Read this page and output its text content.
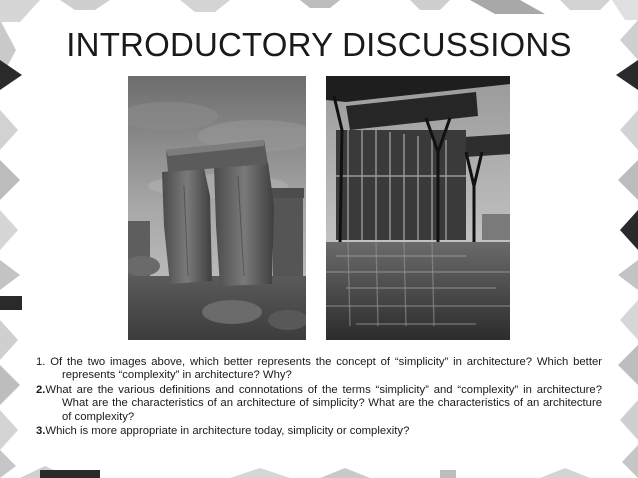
INTRODUCTORY DISCUSSIONS

1. Of the two images above, which better represents the concept of “simplicity” in architecture? Which better represents “complexity” in architecture? Why?

2.What are the various definitions and connotations of the terms “simplicity” and “complexity” in architecture? What are the characteristics of an architecture of simplicity? What are the characteristics of an architecture of complexity?

3.Which is more appropriate in architecture today, simplicity or complexity?
